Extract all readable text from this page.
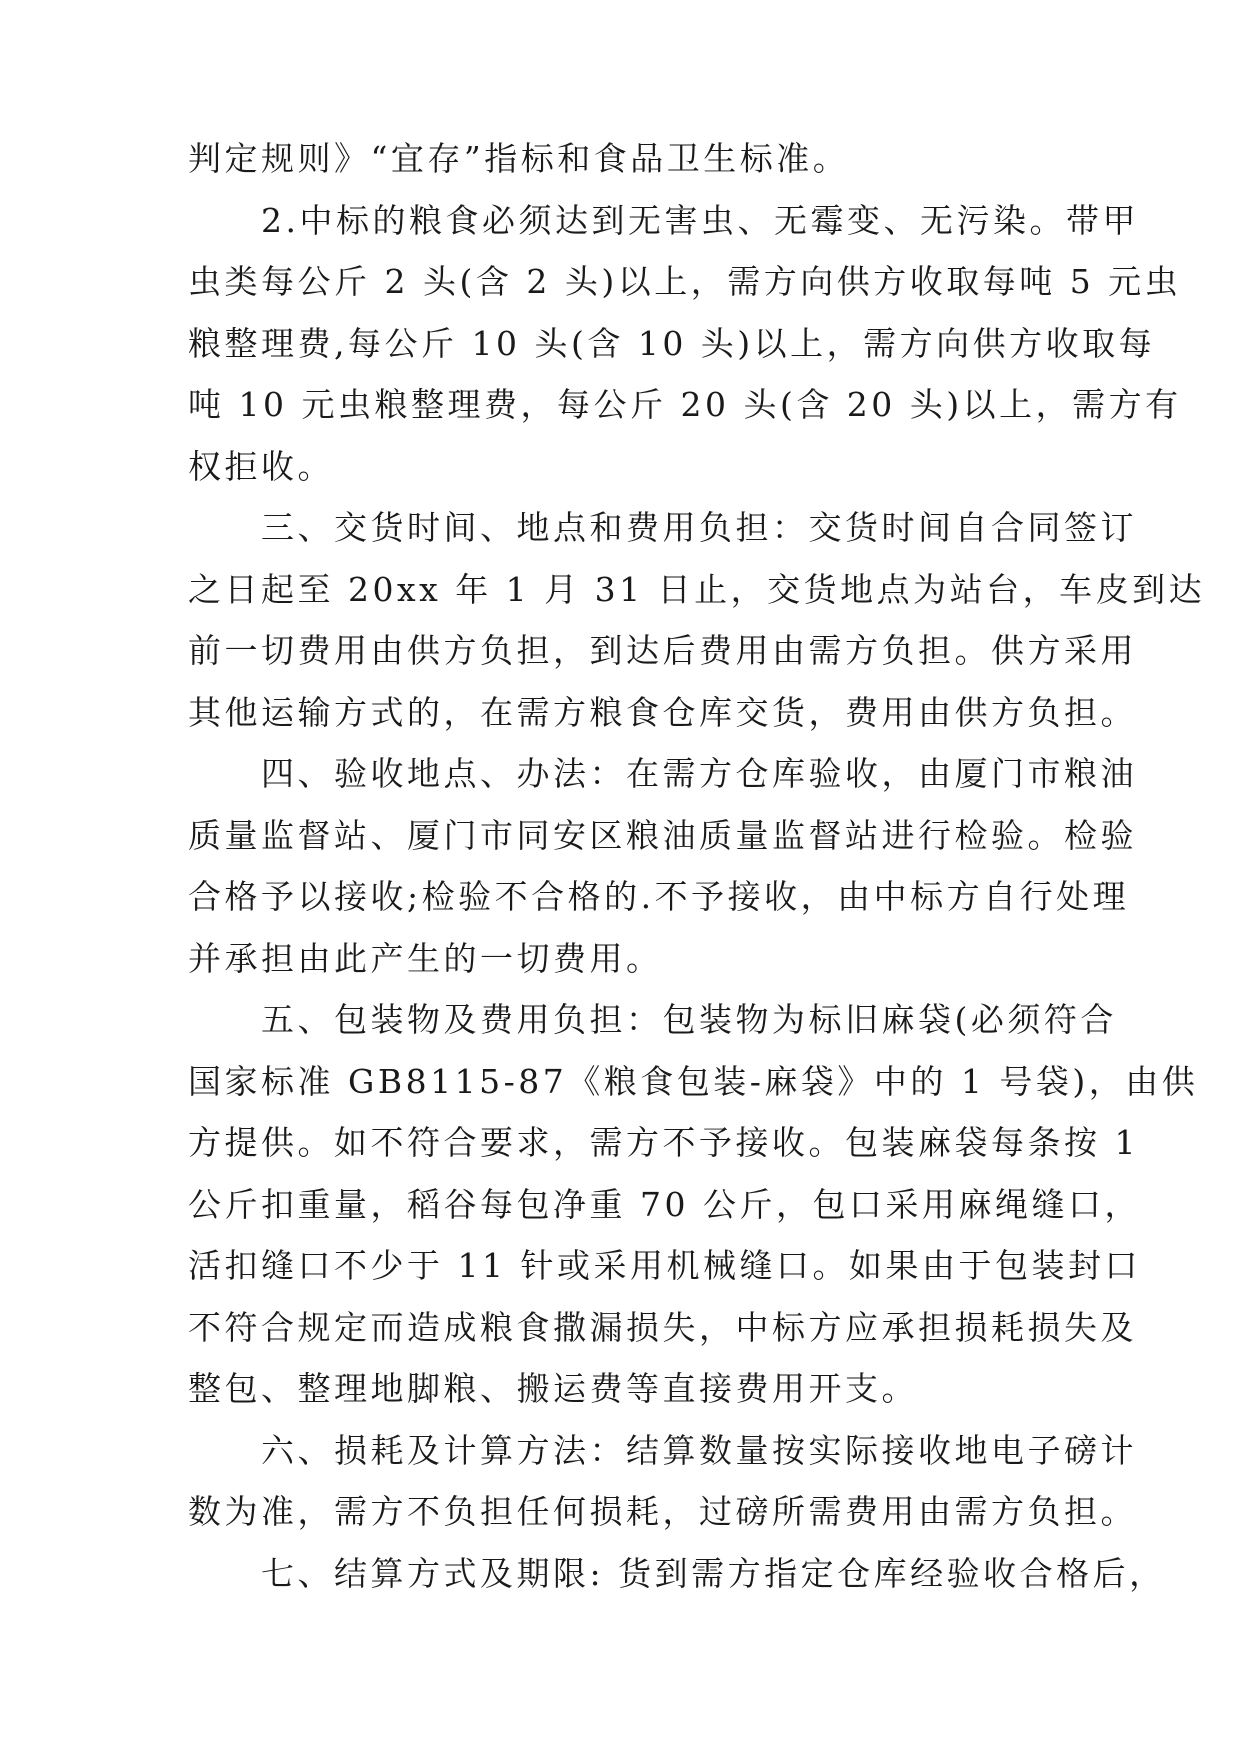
判定规则》“宜存”指标和食品卫生标准。
　　2.中标的粮食必须达到无害虫、无霉变、无污染。带甲
虫类每公斤 2 头(含 2 头)以上，需方向供方收取每吨 5 元虫
粮整理费,每公斤 10 头(含 10 头)以上，需方向供方收取每
吨 10 元虫粮整理费，每公斤 20 头(含 20 头)以上，需方有
权拒收。
　　三、交货时间、地点和费用负担：交货时间自合同签订
之日起至 20xx 年 1 月 31 日止，交货地点为站台，车皮到达
前一切费用由供方负担，到达后费用由需方负担。供方采用
其他运输方式的，在需方粮食仓库交货，费用由供方负担。
　　四、验收地点、办法：在需方仓库验收，由厦门市粮油
质量监督站、厦门市同安区粮油质量监督站进行检验。检验
合格予以接收;检验不合格的.不予接收，由中标方自行处理
并承担由此产生的一切费用。
　　五、包装物及费用负担：包装物为标旧麻袋(必须符合
国家标准 GB8115-87《粮食包装-麻袋》中的 1 号袋)，由供
方提供。如不符合要求，需方不予接收。包装麻袋每条按 1
公斤扣重量，稻谷每包净重 70 公斤，包口采用麻绳缝口，
活扣缝口不少于 11 针或采用机械缝口。如果由于包装封口
不符合规定而造成粮食撒漏损失，中标方应承担损耗损失及
整包、整理地脚粮、搬运费等直接费用开支。
　　六、损耗及计算方法：结算数量按实际接收地电子磅计
数为准，需方不负担任何损耗，过磅所需费用由需方负担。
　　七、结算方式及期限: 货到需方指定仓库经验收合格后，
